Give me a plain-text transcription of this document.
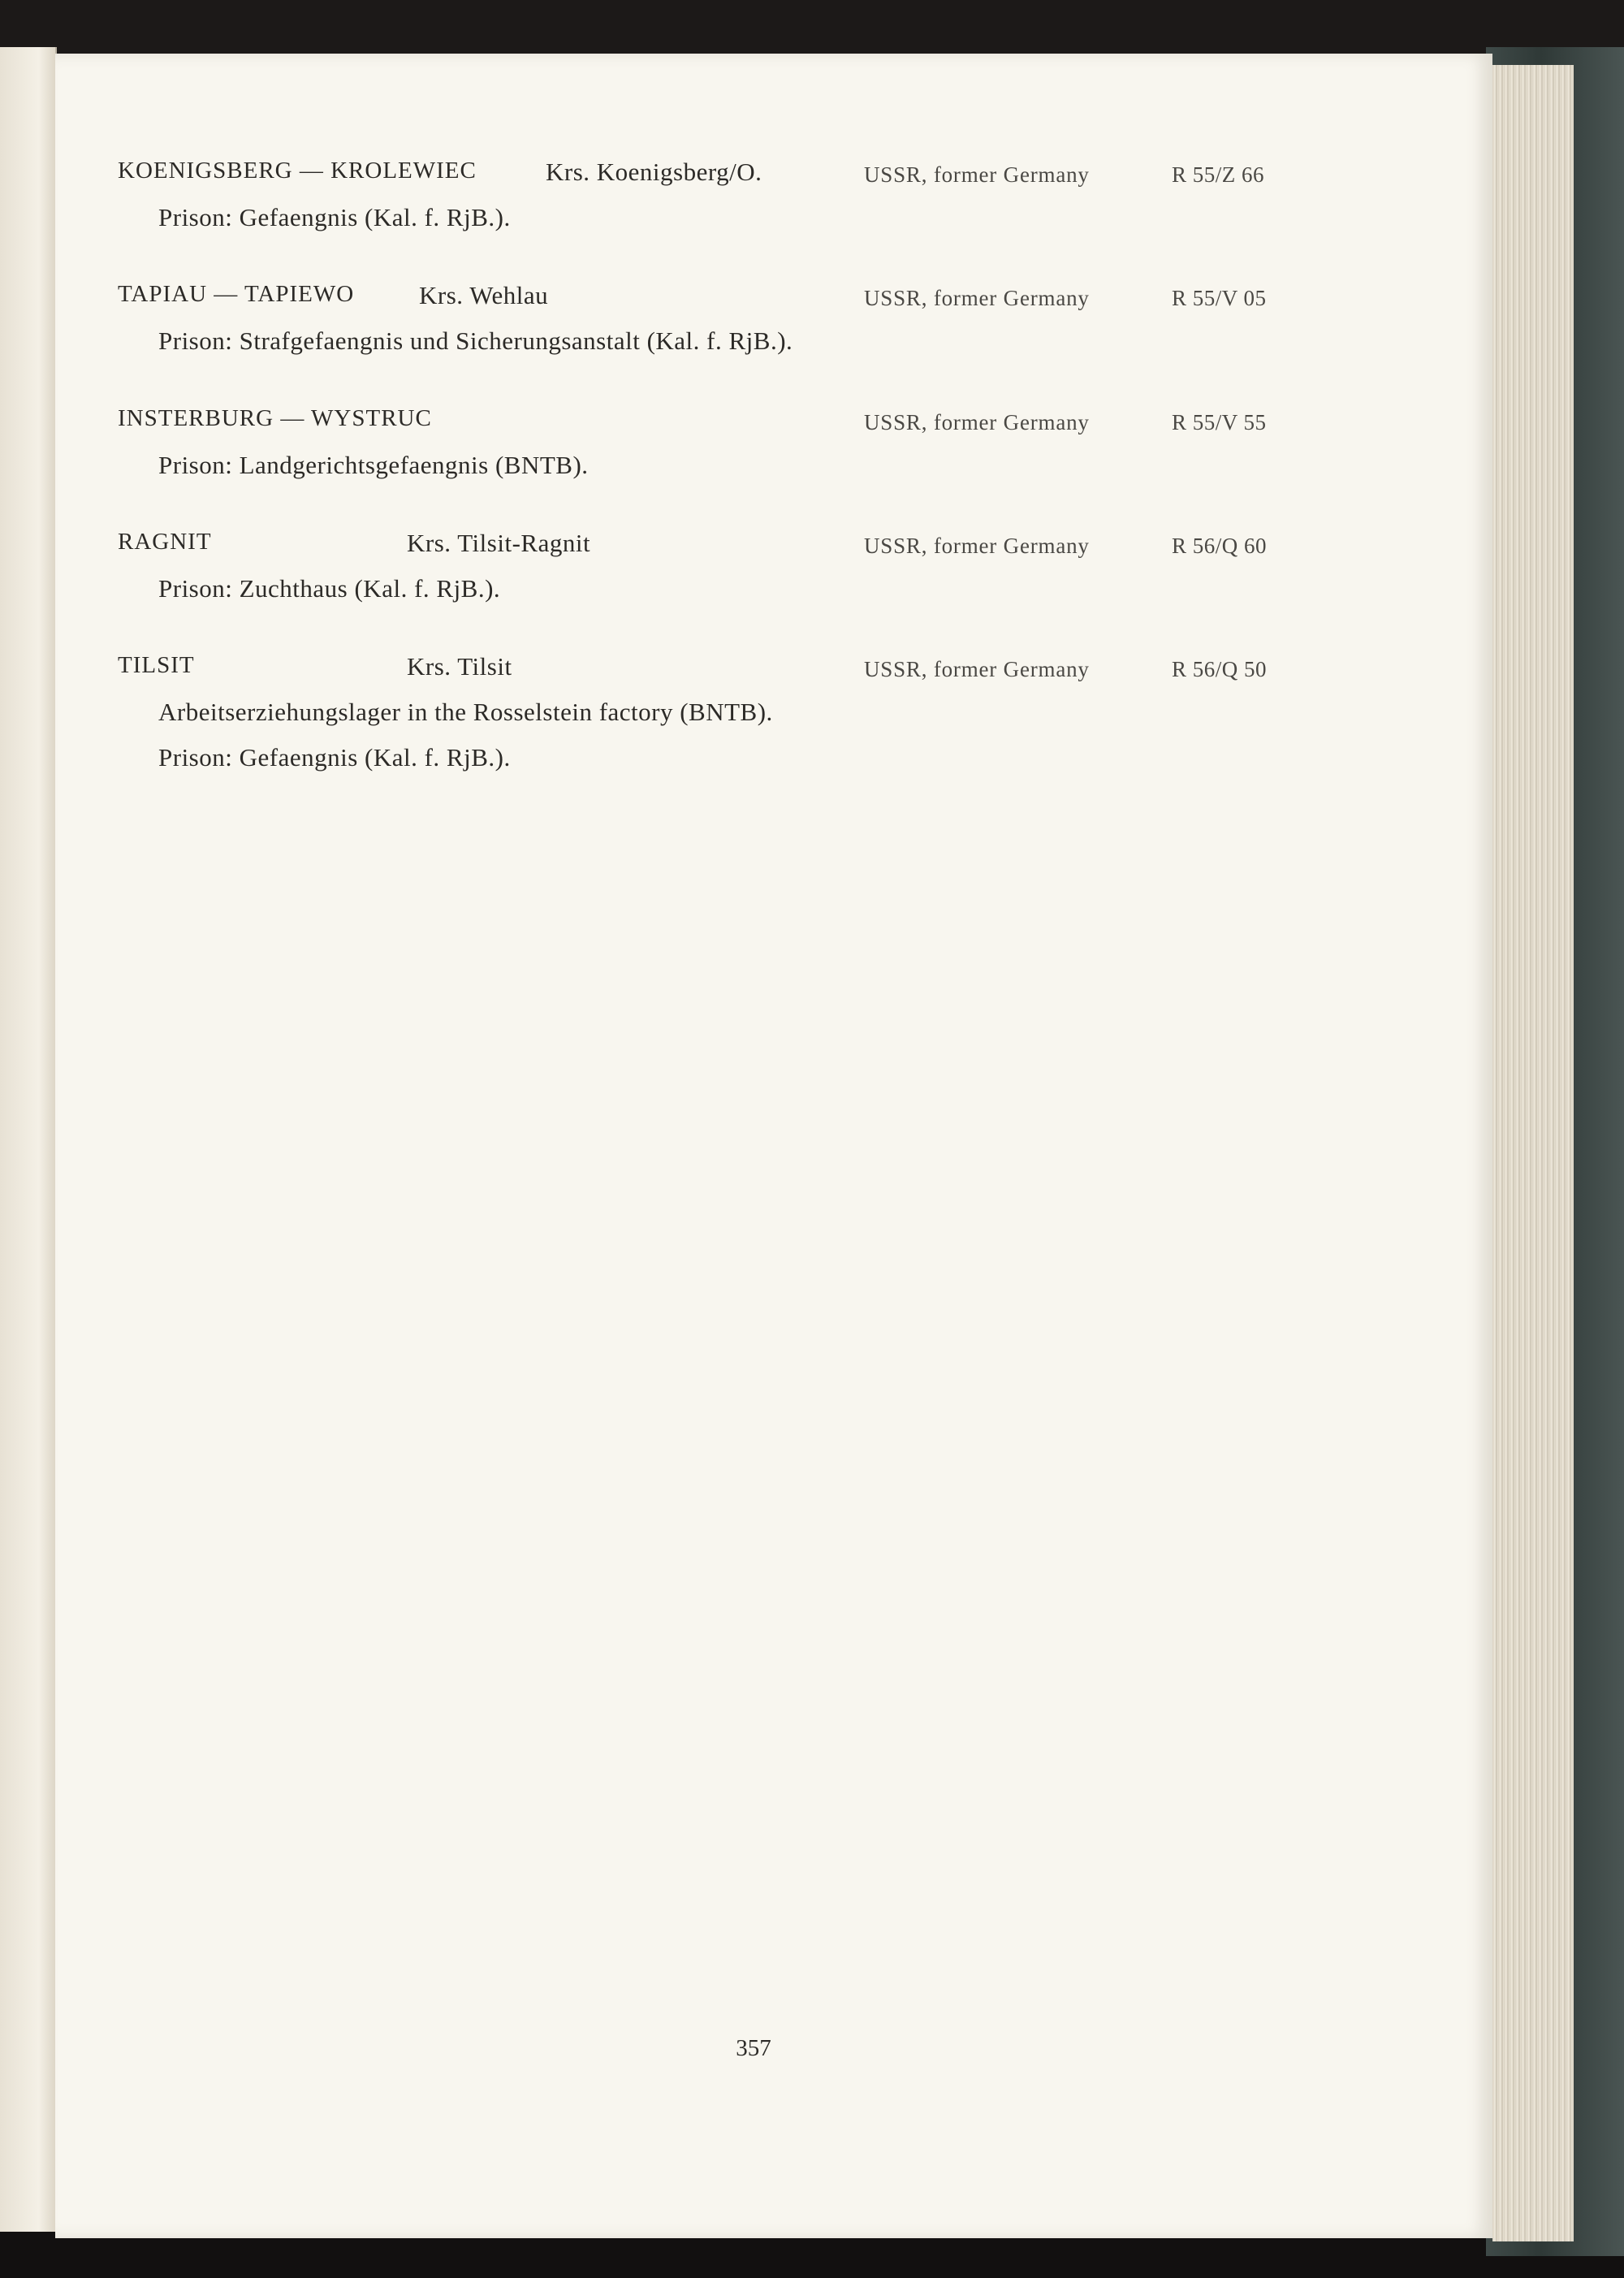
KOENIGSBERG — KROLEWIEC	Krs. Koenigsberg/O.	USSR, former Germany	R 55/Z 66
Prison: Gefaengnis (Kal. f. RjB.).
TAPIAU — TAPIEWO	Krs. Wehlau	USSR, former Germany	R 55/V 05
Prison: Strafgefaengnis und Sicherungsanstalt (Kal. f. RjB.).
INSTERBURG — WYSTRUC	USSR, former Germany	R 55/V 55
Prison: Landgerichtsgefaengnis (BNTB).
RAGNIT	Krs. Tilsit-Ragnit	USSR, former Germany	R 56/Q 60
Prison: Zuchthaus (Kal. f. RjB.).
TILSIT	Krs. Tilsit	USSR, former Germany	R 56/Q 50
Arbeitserziehungslager in the Rosselstein factory (BNTB).
Prison: Gefaengnis (Kal. f. RjB.).
357
